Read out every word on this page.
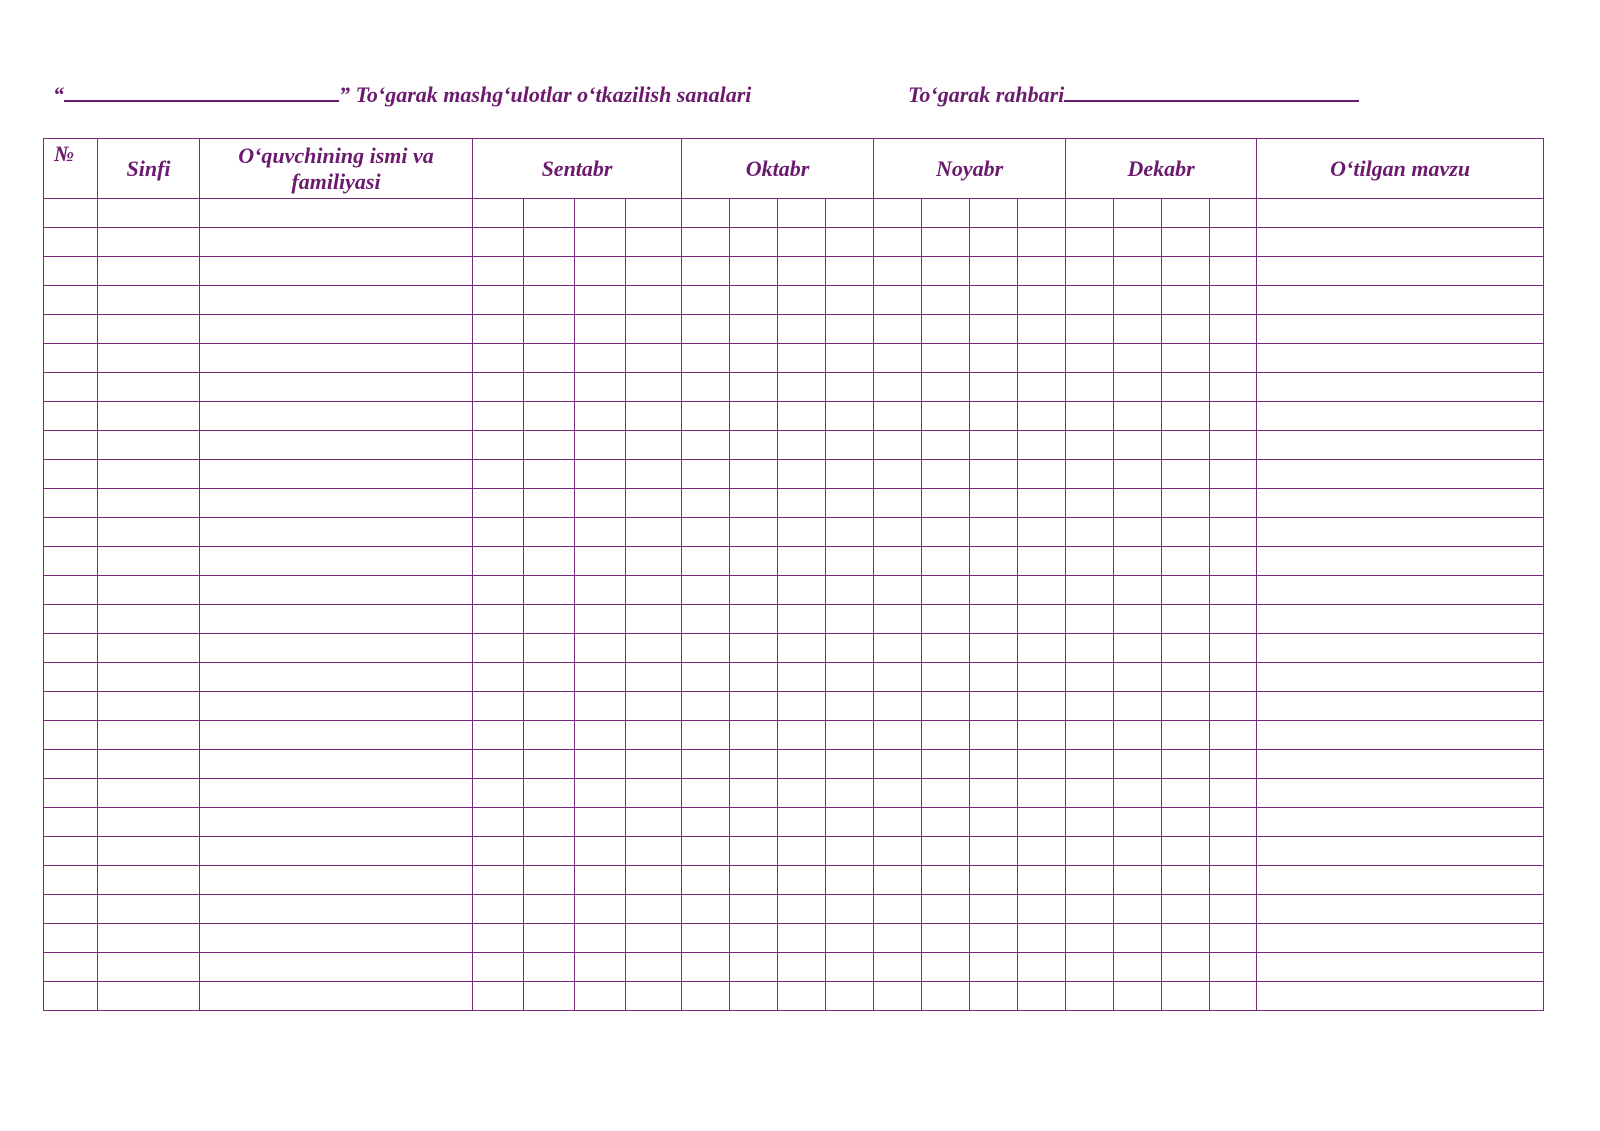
“	” To‘garak mashg‘ulotlar o‘tkazilish sanalari	To‘garak rahbari
№	Sinfi	O‘quvchining ismi va familiyasi	Sentabr				Oktabr				Noyabr				Dekabr				O‘tilgan mavzu
